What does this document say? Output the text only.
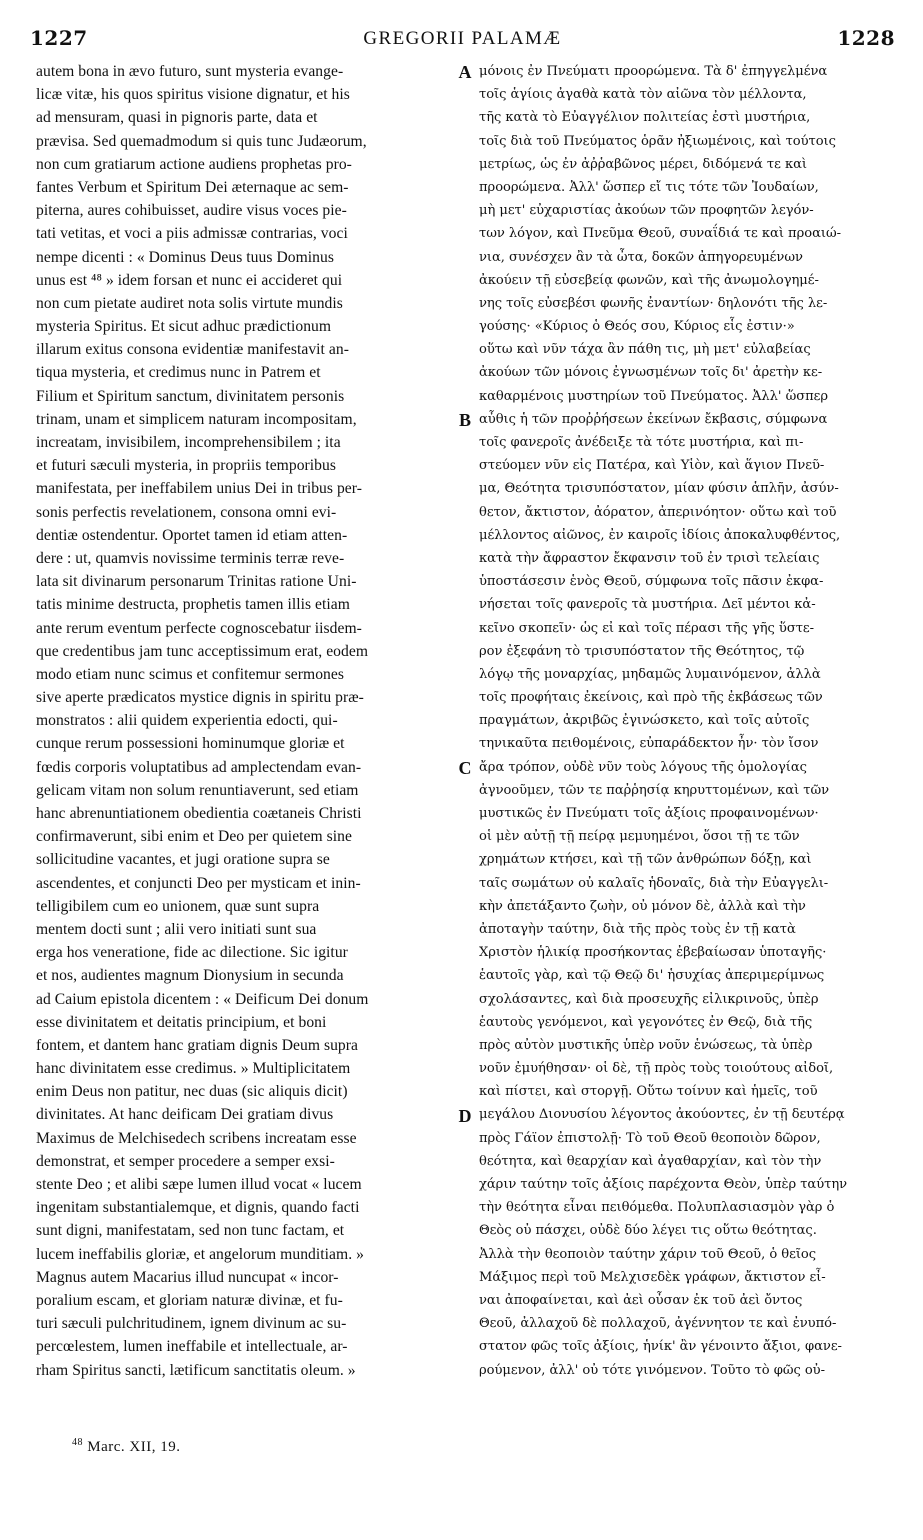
1227	GREGORII PALAMÆ	1228
autem bona in ævo futuro, sunt mysteria evange-
licæ vitæ, his quos spiritus visione dignatur, et his
ad mensuram, quasi in pignoris parte, data et
prævisa. Sed quemadmodum si quis tunc Judæorum,
non cum gratiarum actione audiens prophetas pro-
fantes Verbum et Spiritum Dei æternaque ac sem-
piterna, aures cohibuisset, audire visus voces pie-
tati vetitas, et voci a piis admissæ contrarias, voci
nempe dicenti : « Dominus Deus tuus Dominus
unus est ⁴⁸ » idem forsan et nunc ei accideret qui
non cum pietate audiret nota solis virtute mundis
mysteria Spiritus. Et sicut adhuc prædictionum
illarum exitus consona evidentiæ manifestavit an-
tiqua mysteria, et credimus nunc in Patrem et
Filium et Spiritum sanctum, divinitatem personis
trinam, unam et simplicem naturam incompositam,
increatam, invisibilem, incomprehensibilem ; ita
et futuri sæculi mysteria, in propriis temporibus
manifestata, per ineffabilem unius Dei in tribus per-
sonis perfectis revelationem, consona omni evi-
dentiæ ostendentur. Oportet tamen id etiam atten-
dere : ut, quamvis novissime terminis terræ reve-
lata sit divinarum personarum Trinitas ratione Uni-
tatis minime destructa, prophetis tamen illis etiam
ante rerum eventum perfecte cognoscebatur iisdem-
que credentibus jam tunc acceptissimum erat, eodem
modo etiam nunc scimus et confitemur sermones
sive aperte prædicatos mystice dignis in spiritu præ-
monstratos : alii quidem experientia edocti, qui-
cunque rerum possessioni hominumque gloriæ et
fœdis corporis voluptatibus ad amplectendam evan-
gelicam vitam non solum renuntiaverunt, sed etiam
hanc abrenuntiationem obedientia coætaneis Christi
confirmaverunt, sibi enim et Deo per quietem sine
sollicitudine vacantes, et jugi oratione supra se
ascendentes, et conjuncti Deo per mysticam et inin-
telligibilem cum eo unionem, quæ sunt supra
mentem docti sunt ; alii vero initiati sunt sua
erga hos veneratione, fide ac dilectione. Sic igitur
et nos, audientes magnum Dionysium in secunda
ad Caium epistola dicentem : « Deificum Dei donum
esse divinitatem et deitatis principium, et boni
fontem, et dantem hanc gratiam dignis Deum supra
hanc divinitatem esse credimus. » Multiplicitatem
enim Deus non patitur, nec duas (sic aliquis dicit)
divinitates. At hanc deificam Dei gratiam divus
Maximus de Melchisedech scribens increatam esse
demonstrat, et semper procedere a semper exsi-
stente Deo ; et alibi sæpe lumen illud vocat « lucem
ingenitam substantialemque, et dignis, quando facti
sunt digni, manifestatam, sed non tunc factam, et
lucem ineffabilis gloriæ, et angelorum munditiam. »
Magnus autem Macarius illud nuncupat « incor-
poralium escam, et gloriam naturæ divinæ, et fu-
turi sæculi pulchritudinem, ignem divinum ac su-
percœlestem, lumen ineffabile et intellectuale, ar-
rham Spiritus sancti, lætificum sanctitatis oleum. »
A
B
C
D
μόνοις ἐν Πνεύματι προορώμενα. Τὰ δ' ἐπηγγελμένα
τοῖς ἁγίοις ἀγαθὰ κατὰ τὸν αἰῶνα τὸν μέλλοντα,
τῆς κατὰ τὸ Εὐαγγέλιον πολιτείας ἐστὶ μυστήρια,
τοῖς διὰ τοῦ Πνεύματος ὁρᾶν ἠξιωμένοις, καὶ τούτοις
μετρίως, ὡς ἐν ἀῤῥαβῶνος μέρει, διδόμενά τε καὶ
προορώμενα. Ἀλλ' ὥσπερ εἴ τις τότε τῶν Ἰουδαίων,
μὴ μετ' εὐχαριστίας ἀκούων τῶν προφητῶν λεγόν-
των λόγον, καὶ Πνεῦμα Θεοῦ, συναΐδιά τε καὶ προαιώ-
νια, συνέσχεν ἂν τὰ ὦτα, δοκῶν ἀπηγορευμένων
ἀκούειν τῇ εὐσεβείᾳ φωνῶν, καὶ τῆς ἀνωμολογημέ-
νης τοῖς εὐσεβέσι φωνῆς ἐναντίων· δηλονότι τῆς λε-
γούσης· «Κύριος ὁ Θεός σου, Κύριος εἷς ἐστιν·»
οὕτω καὶ νῦν τάχα ἂν πάθη τις, μὴ μετ' εὐλαβείας
ἀκούων τῶν μόνοις ἐγνωσμένων τοῖς δι' ἀρετὴν κε-
καθαρμένοις μυστηρίων τοῦ Πνεύματος. Ἀλλ' ὥσπερ
αὖθις ἡ τῶν προῤῥήσεων ἐκείνων ἔκβασις, σύμφωνα
τοῖς φανεροῖς ἀνέδειξε τὰ τότε μυστήρια, καὶ πι-
στεύομεν νῦν εἰς Πατέρα, καὶ Υἱὸν, καὶ ἅγιον Πνεῦ-
μα, Θεότητα τρισυπόστατον, μίαν φύσιν ἁπλῆν, ἀσύν-
θετον, ἄκτιστον, ἀόρατον, ἀπερινόητον· οὕτω καὶ τοῦ
μέλλοντος αἰῶνος, ἐν καιροῖς ἰδίοις ἀποκαλυφθέντος,
κατὰ τὴν ἄφραστον ἔκφανσιν τοῦ ἐν τρισὶ τελείαις
ὑποστάσεσιν ἑνὸς Θεοῦ, σύμφωνα τοῖς πᾶσιν ἐκφα-
νήσεται τοῖς φανεροῖς τὰ μυστήρια. Δεῖ μέντοι κἀ-
κεῖνο σκοπεῖν· ὡς εἰ καὶ τοῖς πέρασι τῆς γῆς ὕστε-
ρον ἐξεφάνη τὸ τρισυπόστατον τῆς Θεότητος, τῷ
λόγῳ τῆς μοναρχίας, μηδαμῶς λυμαινόμενον, ἀλλὰ
τοῖς προφήταις ἐκείνοις, καὶ πρὸ τῆς ἐκβάσεως τῶν
πραγμάτων, ἀκριβῶς ἐγινώσκετο, καὶ τοῖς αὐτοῖς
τηνικαῦτα πειθομένοις, εὐπαράδεκτον ἦν· τὸν ἴσον
ἄρα τρόπον, οὐδὲ νῦν τοὺς λόγους τῆς ὁμολογίας
ἀγνοοῦμεν, τῶν τε παῤῥησίᾳ κηρυττομένων, καὶ τῶν
μυστικῶς ἐν Πνεύματι τοῖς ἀξίοις προφαινομένων·
οἱ μὲν αὐτῇ τῇ πείρᾳ μεμυημένοι, ὅσοι τῇ τε τῶν
χρημάτων κτήσει, καὶ τῇ τῶν ἀνθρώπων δόξῃ, καὶ
ταῖς σωμάτων οὐ καλαῖς ἡδοναῖς, διὰ τὴν Εὐαγγελι-
κὴν ἀπετάξαντο ζωὴν, οὐ μόνον δὲ, ἀλλὰ καὶ τὴν
ἀποταγὴν ταύτην, διὰ τῆς πρὸς τοὺς ἐν τῇ κατὰ
Χριστὸν ἡλικίᾳ προσήκοντας ἐβεβαίωσαν ὑποταγῆς·
ἑαυτοῖς γὰρ, καὶ τῷ Θεῷ δι' ἡσυχίας ἀπεριμερίμνως
σχολάσαντες, καὶ διὰ προσευχῆς εἰλικρινοῦς, ὑπὲρ
ἑαυτοὺς γενόμενοι, καὶ γεγονότες ἐν Θεῷ, διὰ τῆς
πρὸς αὐτὸν μυστικῆς ὑπὲρ νοῦν ἑνώσεως, τὰ ὑπὲρ
νοῦν ἐμυήθησαν· οἱ δὲ, τῇ πρὸς τοὺς τοιούτους αἰδοῖ,
καὶ πίστει, καὶ στοργῇ. Οὕτω τοίνυν καὶ ἡμεῖς, τοῦ
μεγάλου Διονυσίου λέγοντος ἀκούοντες, ἐν τῇ δευτέρᾳ
πρὸς Γάϊον ἐπιστολῇ· Τὸ τοῦ Θεοῦ θεοποιὸν δῶρον,
θεότητα, καὶ θεαρχίαν καὶ ἀγαθαρχίαν, καὶ τὸν τὴν
χάριν ταύτην τοῖς ἀξίοις παρέχοντα Θεὸν, ὑπὲρ ταύτην
τὴν θεότητα εἶναι πειθόμεθα. Πολυπλασιασμὸν γὰρ ὁ
Θεὸς οὐ πάσχει, οὐδὲ δύο λέγει τις οὕτω θεότητας.
Ἀλλὰ τὴν θεοποιὸν ταύτην χάριν τοῦ Θεοῦ, ὁ θεῖος
Μάξιμος περὶ τοῦ Μελχισεδὲκ γράφων, ἄκτιστον εἶ-
ναι ἀποφαίνεται, καὶ ἀεὶ οὖσαν ἐκ τοῦ ἀεὶ ὄντος
Θεοῦ, ἀλλαχοῦ δὲ πολλαχοῦ, ἀγέννητον τε καὶ ἐνυπό-
στατον φῶς τοῖς ἀξίοις, ἡνίκ' ἂν γένοιντο ἄξιοι, φανε-
ρούμενον, ἀλλ' οὐ τότε γινόμενον. Τοῦτο τὸ φῶς οὐ-
$^{48}$ Marc. XII, 19.
